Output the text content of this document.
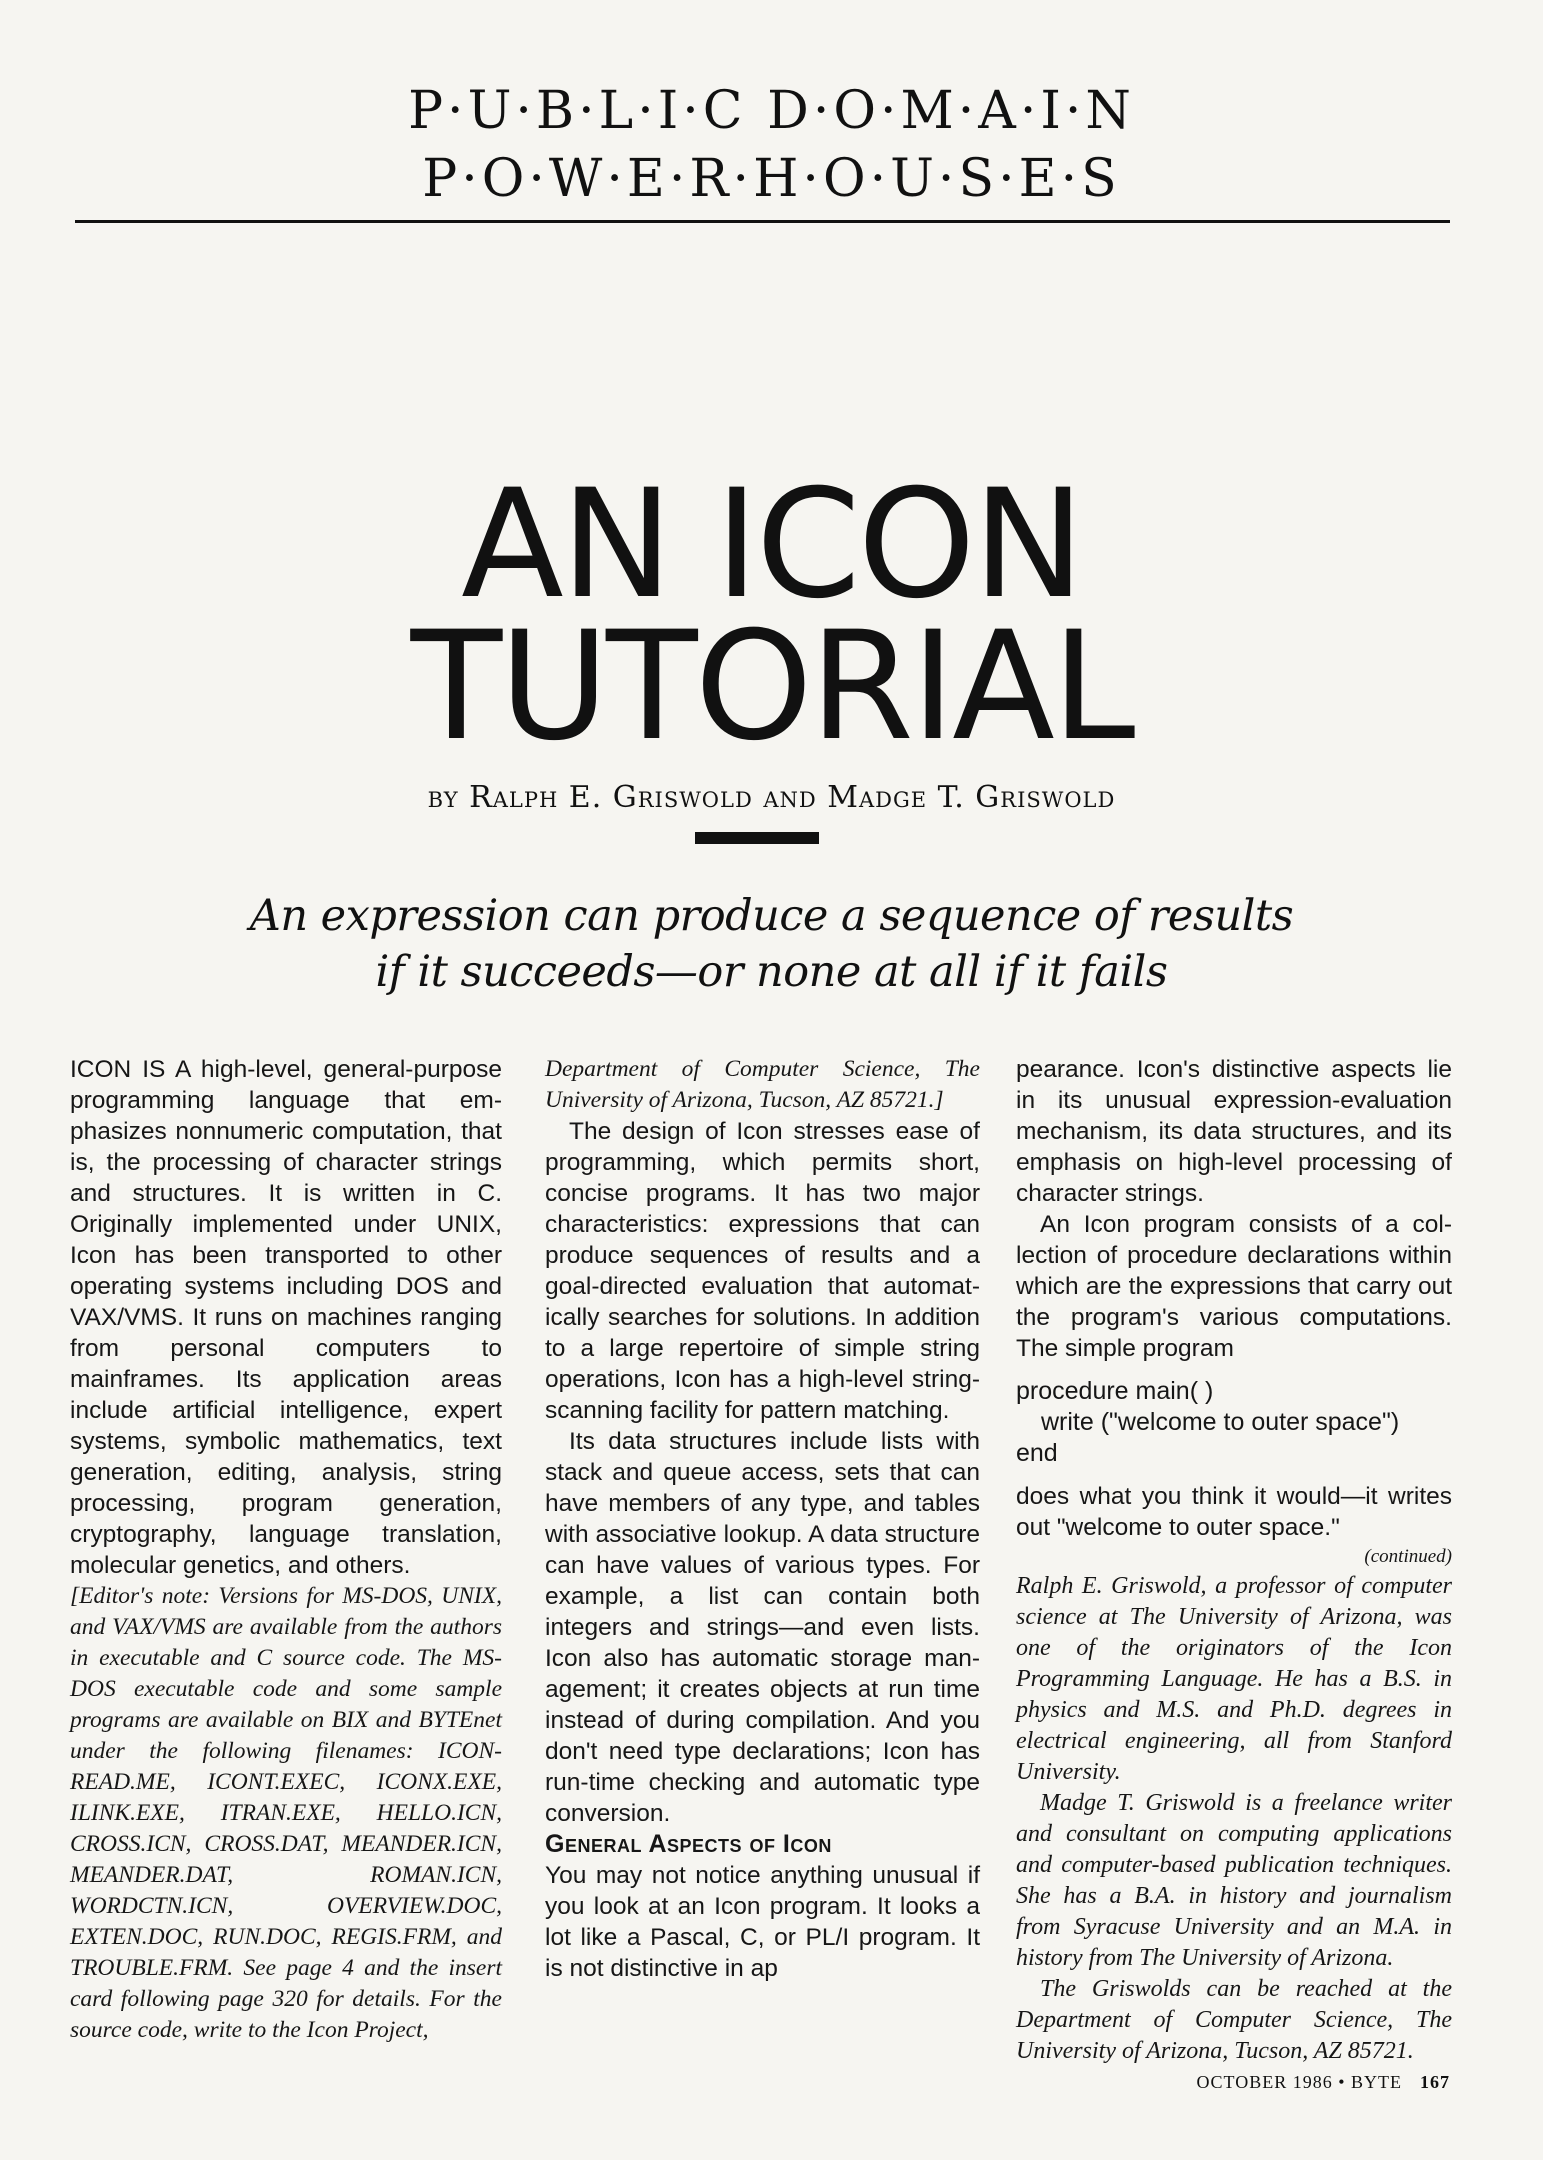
P·U·B·L·I·C D·O·M·A·I·N
P·O·W·E·R·H·O·U·S·E·S
AN ICON
TUTORIAL
by Ralph E. Griswold and Madge T. Griswold
An expression can produce a sequence of results
if it succeeds—or none at all if it fails

ICON IS A high-level, general-purpose programming language that emphasizes nonnumeric computation, that is, the processing of character strings and structures. It is written in C. Originally implemented under UNIX, Icon has been transported to other operating systems including DOS and VAX/VMS. It runs on machines ranging from personal computers to mainframes. Its application areas include artificial intelligence, expert systems, symbolic mathematics, text generation, editing, analysis, string processing, program generation, cryptography, language translation, molecular genetics, and others.

[Editor's note: Versions for MS-DOS, UNIX, and VAX/VMS are available from the authors in executable and C source code. The MS-DOS executable code and some sample programs are available on BIX and BYTEnet under the following filenames: ICON-READ.ME, ICONT.EXEC, ICONX.EXE, ILINK.EXE, ITRAN.EXE, HELLO.ICN, CROSS.ICN, CROSS.DAT, MEANDER.ICN, MEANDER.DAT, ROMAN.ICN, WORDCTN.ICN, OVERVIEW.DOC, EXTEN.DOC, RUN.DOC, REGIS.FRM, and TROUBLE.FRM. See page 4 and the insert card following page 320 for details. For the source code, write to the Icon Project,

Department of Computer Science, The University of Arizona, Tucson, AZ 85721.]

The design of Icon stresses ease of programming, which permits short, concise programs. It has two major characteristics: expressions that can produce sequences of results and a goal-directed evaluation that automatically searches for solutions. In addition to a large repertoire of simple string operations, Icon has a high-level string-scanning facility for pattern matching.

Its data structures include lists with stack and queue access, sets that can have members of any type, and tables with associative lookup. A data structure can have values of various types. For example, a list can contain both integers and strings—and even lists. Icon also has automatic storage management; it creates objects at run time instead of during compilation. And you don't need type declarations; Icon has run-time checking and automatic type conversion.

General Aspects of Icon

You may not notice anything unusual if you look at an Icon program. It looks a lot like a Pascal, C, or PL/I program. It is not distinctive in ap

pearance. Icon's distinctive aspects lie in its unusual expression-evaluation mechanism, its data structures, and its emphasis on high-level processing of character strings.

An Icon program consists of a collection of procedure declarations within which are the expressions that carry out the program's various computations. The simple program

procedure main( )
write ("welcome to outer space")
end

does what you think it would—it writes out "welcome to outer space."

(continued)

Ralph E. Griswold, a professor of computer science at The University of Arizona, was one of the originators of the Icon Programming Language. He has a B.S. in physics and M.S. and Ph.D. degrees in electrical engineering, all from Stanford University.

Madge T. Griswold is a freelance writer and consultant on computing applications and computer-based publication techniques. She has a B.A. in history and journalism from Syracuse University and an M.A. in history from The University of Arizona.

The Griswolds can be reached at the Department of Computer Science, The University of Arizona, Tucson, AZ 85721.

OCTOBER 1986 • BYTE 167
